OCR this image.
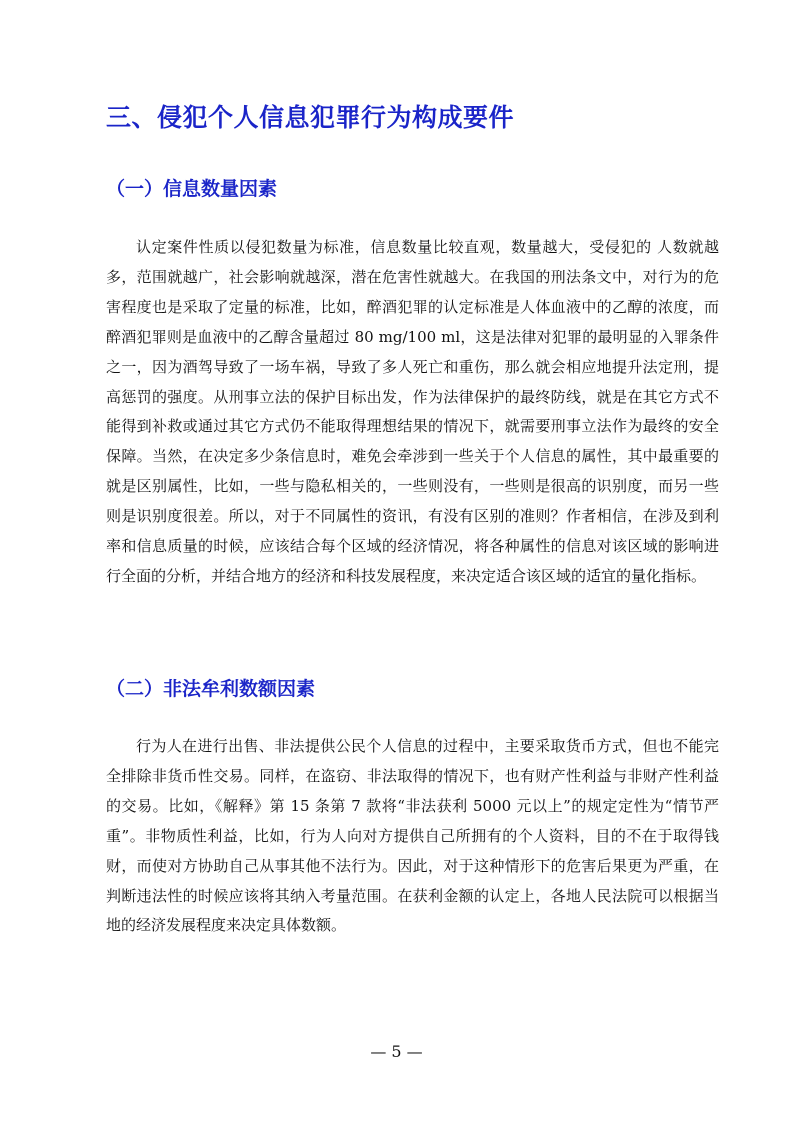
三、侵犯个人信息犯罪行为构成要件
（一）信息数量因素

认定案件性质以侵犯数量为标准，信息数量比较直观，数量越大，受侵犯的 人数就越多，范围就越广，社会影响就越深，潜在危害性就越大。在我国的刑法条文中，对行为的危害程度也是采取了定量的标准，比如，醉酒犯罪的认定标准是人体血液中的乙醇的浓度，而醉酒犯罪则是血液中的乙醇含量超过 80 mg/100 ml，这是法律对犯罪的最明显的入罪条件之一，因为酒驾导致了一场车祸，导致了多人死亡和重伤，那么就会相应地提升法定刑，提高惩罚的强度。从刑事立法的保护目标出发，作为法律保护的最终防线，就是在其它方式不能得到补救或通过其它方式仍不能取得理想结果的情况下，就需要刑事立法作为最终的安全保障。当然，在决定多少条信息时，难免会牵涉到一些关于个人信息的属性，其中最重要的就是区别属性，比如，一些与隐私相关的，一些则没有，一些则是很高的识别度，而另一些则是识别度很差。所以，对于不同属性的资讯，有没有区别的准则？作者相信，在涉及到利率和信息质量的时候，应该结合每个区域的经济情况，将各种属性的信息对该区域的影响进行全面的分析，并结合地方的经济和科技发展程度，来决定适合该区域的适宜的量化指标。

（二）非法牟利数额因素

行为人在进行出售、非法提供公民个人信息的过程中，主要采取货币方式，但也不能完全排除非货币性交易。同样，在盗窃、非法取得的情况下，也有财产性利益与非财产性利益的交易。比如，《解释》第 15 条第 7 款将“非法获利 5000 元以上”的规定定性为“情节严重”。非物质性利益，比如，行为人向对方提供自己所拥有的个人资料，目的不在于取得钱财，而使对方协助自己从事其他不法行为。因此，对于这种情形下的危害后果更为严重，在判断违法性的时候应该将其纳入考量范围。在获利金额的认定上，各地人民法院可以根据当地的经济发展程度来决定具体数额。

— 5 —
